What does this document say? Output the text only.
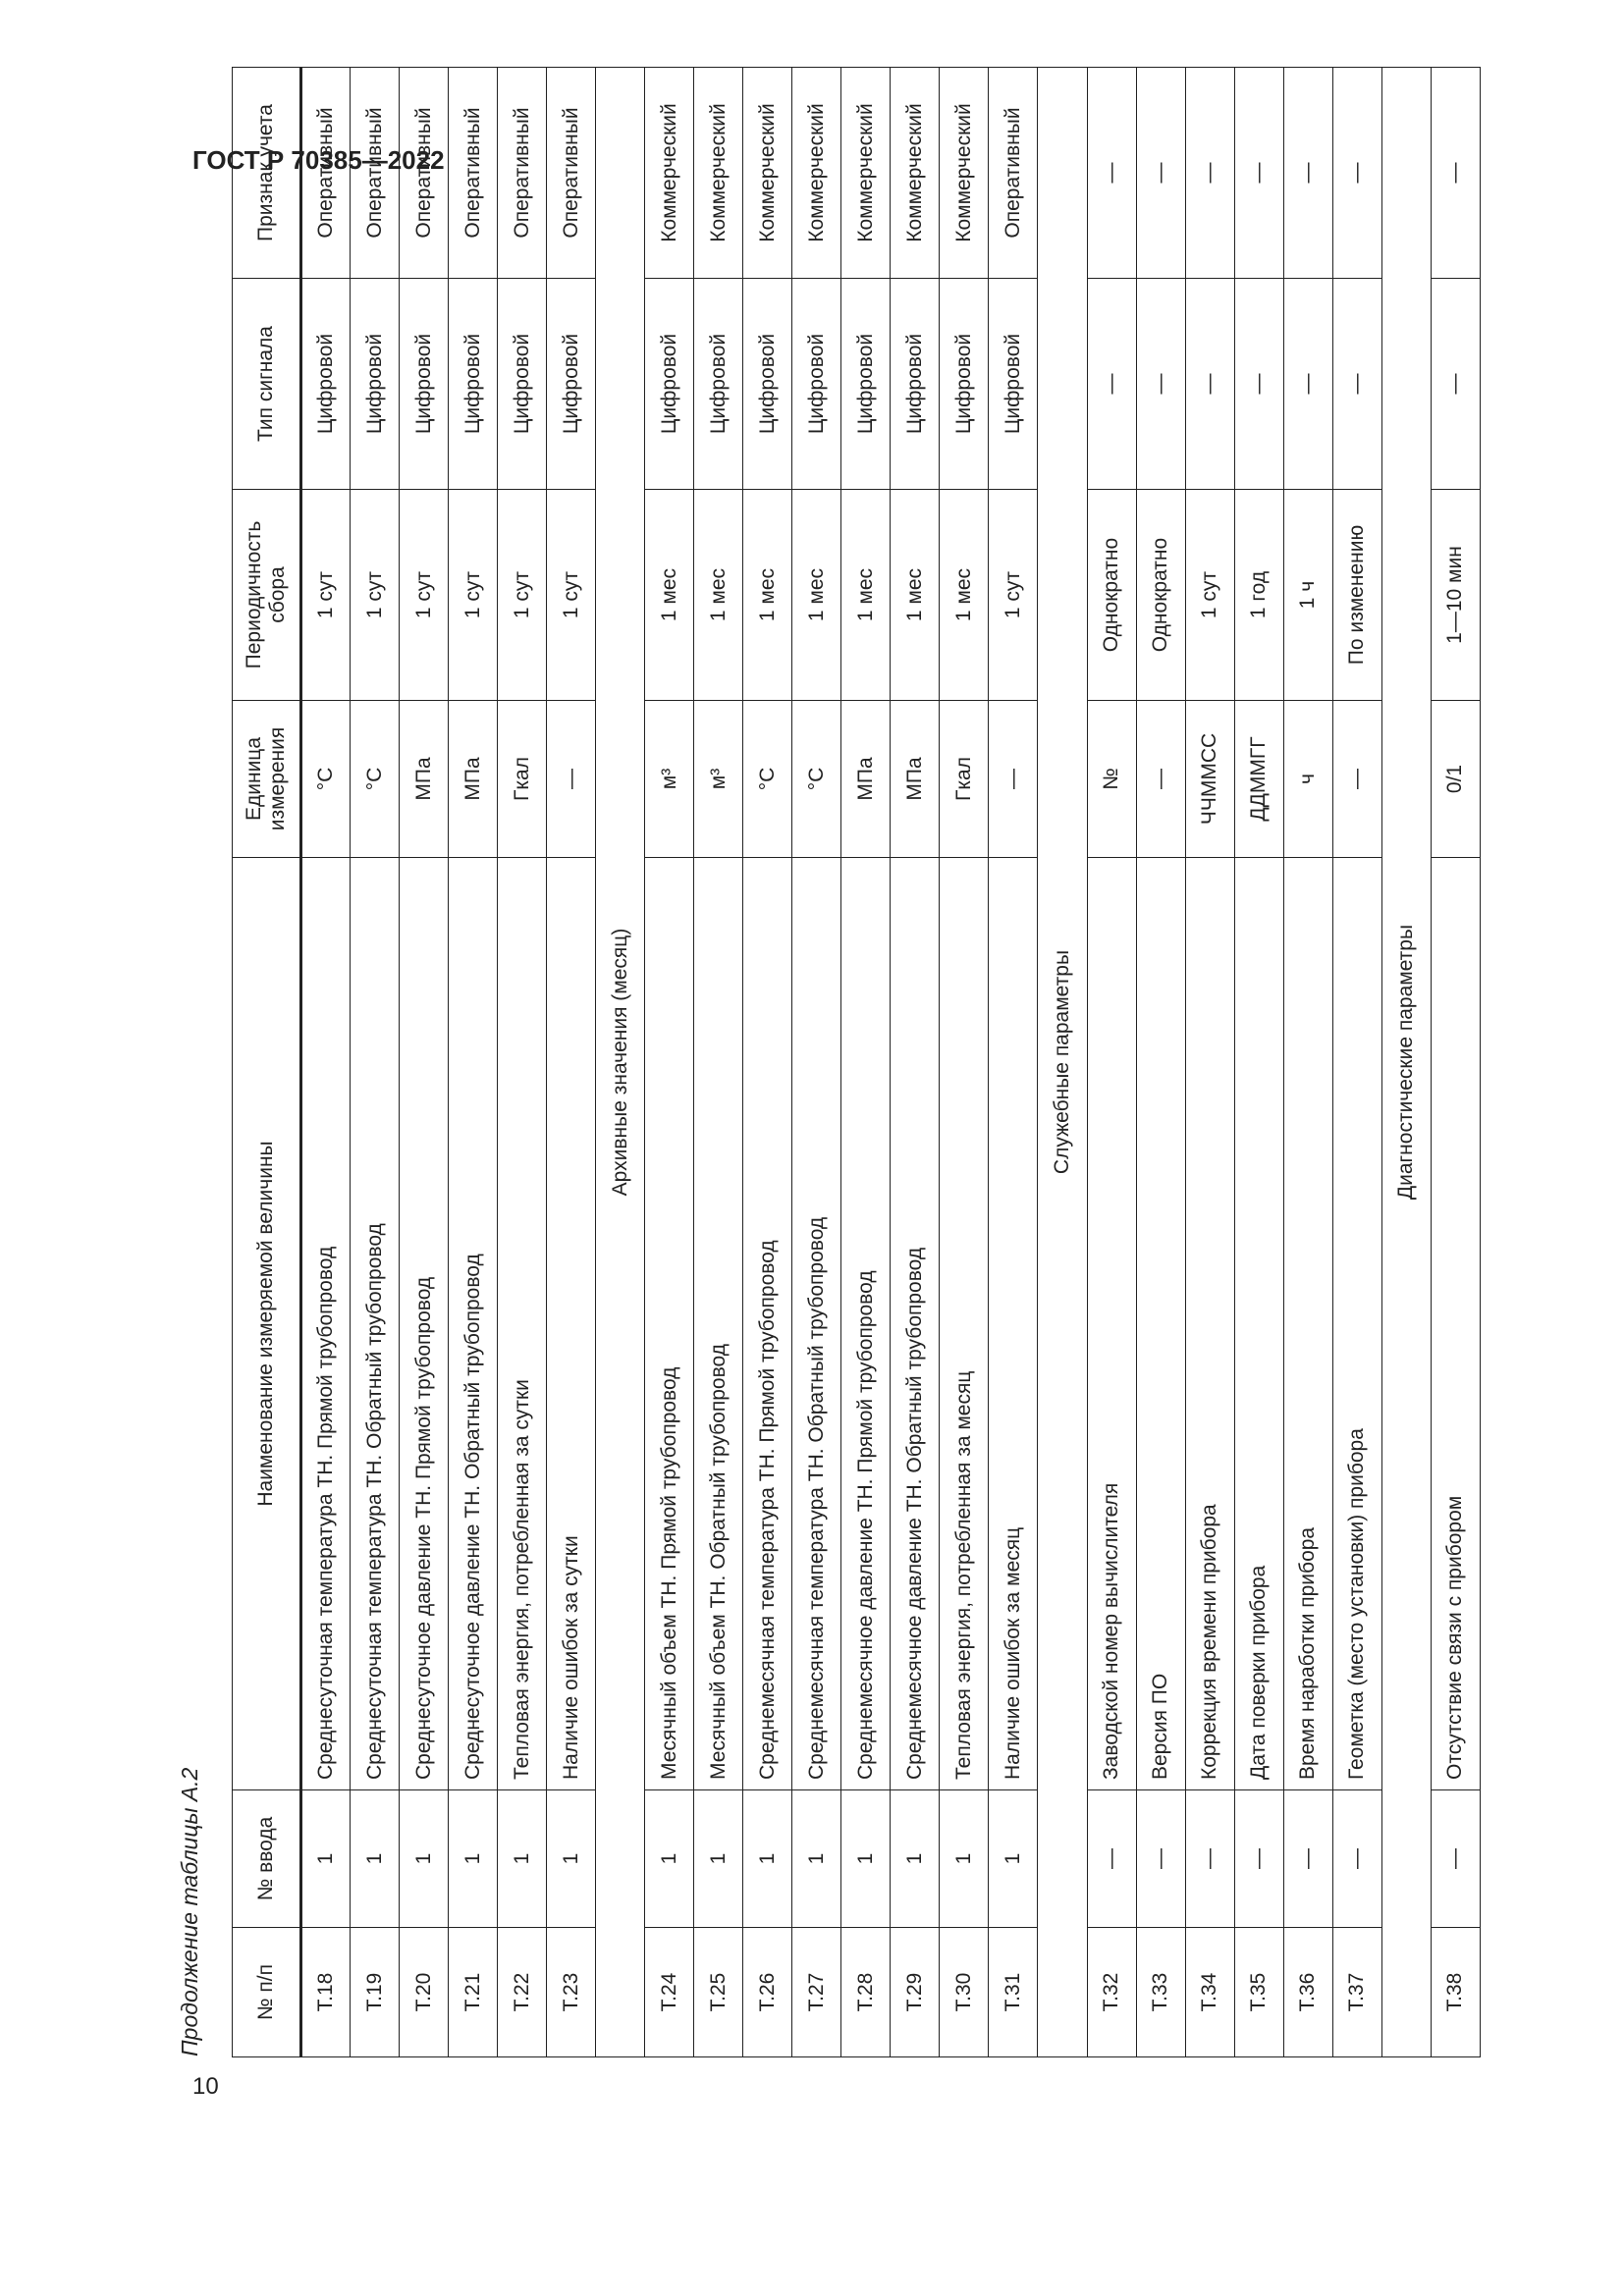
ГОСТ Р 70385—2022
10
Продолжение таблицы А.2	№ п/п	№ ввода	Наименование измеряемой величины	Единица измерения	Периодичность сбора	Тип сигнала	Признак учета
Т.18	1	Среднесуточная температура ТН. Прямой трубопровод	°С	1 сут	Цифровой	Оперативный
Т.19	1	Среднесуточная температура ТН. Обратный трубопровод	°С	1 сут	Цифровой	Оперативный
Т.20	1	Среднесуточное давление ТН. Прямой трубопровод	МПа	1 сут	Цифровой	Оперативный
Т.21	1	Среднесуточное давление ТН. Обратный трубопровод	МПа	1 сут	Цифровой	Оперативный
Т.22	1	Тепловая энергия, потребленная за сутки	Гкал	1 сут	Цифровой	Оперативный
Т.23	1	Наличие ошибок за сутки	—	1 сут	Цифровой	Оперативный
Архивные значения (месяц)						
Т.24	1	Месячный объем ТН. Прямой трубопровод	м³	1 мес	Цифровой	Коммерческий
Т.25	1	Месячный объем ТН. Обратный трубопровод	м³	1 мес	Цифровой	Коммерческий
Т.26	1	Среднемесячная температура ТН. Прямой трубопровод	°С	1 мес	Цифровой	Коммерческий
Т.27	1	Среднемесячная температура ТН. Обратный трубопровод	°С	1 мес	Цифровой	Коммерческий
Т.28	1	Среднемесячное давление ТН. Прямой трубопровод	МПа	1 мес	Цифровой	Коммерческий
Т.29	1	Среднемесячное давление ТН. Обратный трубопровод	МПа	1 мес	Цифровой	Коммерческий
Т.30	1	Тепловая энергия, потребленная за месяц	Гкал	1 мес	Цифровой	Коммерческий
Т.31	1	Наличие ошибок за месяц	—	1 сут	Цифровой	Оперативный
Служебные параметры						
Т.32	—	Заводской номер вычислителя	№	Однократно	—	—
Т.33	—	Версия ПО	—	Однократно	—	—
Т.34	—	Коррекция времени прибора	ЧЧММСС	1 сут	—	—
Т.35	—	Дата поверки прибора	ДДММГГ	1 год	—	—
Т.36	—	Время наработки прибора	ч	1 ч	—	—
Т.37	—	Геометка (место установки) прибора	—	По изменению	—	—
Диагностические параметры						
Т.38	—	Отсутствие связи с прибором	0/1	1—10 мин	—	—
